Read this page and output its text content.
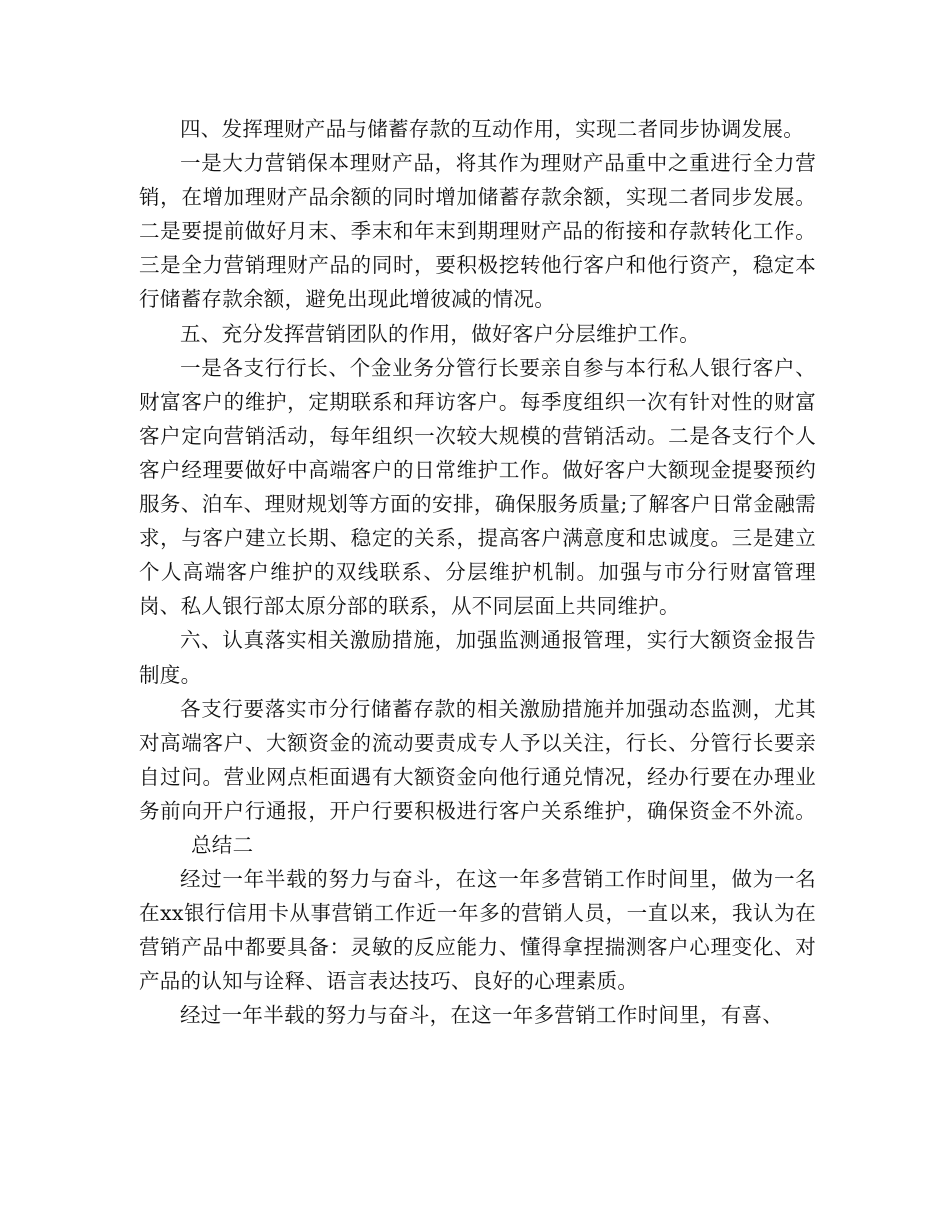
四、发挥理财产品与储蓄存款的互动作用，实现二者同步协调发展。

一是大力营销保本理财产品，将其作为理财产品重中之重进行全力营销，在增加理财产品余额的同时增加储蓄存款余额，实现二者同步发展。二是要提前做好月末、季末和年末到期理财产品的衔接和存款转化工作。三是全力营销理财产品的同时，要积极挖转他行客户和他行资产，稳定本行储蓄存款余额，避免出现此增彼减的情况。

五、充分发挥营销团队的作用，做好客户分层维护工作。

一是各支行行长、个金业务分管行长要亲自参与本行私人银行客户、财富客户的维护，定期联系和拜访客户。每季度组织一次有针对性的财富客户定向营销活动，每年组织一次较大规模的营销活动。二是各支行个人客户经理要做好中高端客户的日常维护工作。做好客户大额现金提娶预约服务、泊车、理财规划等方面的安排，确保服务质量;了解客户日常金融需求，与客户建立长期、稳定的关系，提高客户满意度和忠诚度。三是建立个人高端客户维护的双线联系、分层维护机制。加强与市分行财富管理岗、私人银行部太原分部的联系，从不同层面上共同维护。

六、认真落实相关激励措施，加强监测通报管理，实行大额资金报告制度。

各支行要落实市分行储蓄存款的相关激励措施并加强动态监测，尤其对高端客户、大额资金的流动要责成专人予以关注，行长、分管行长要亲自过问。营业网点柜面遇有大额资金向他行通兑情况，经办行要在办理业务前向开户行通报，开户行要积极进行客户关系维护，确保资金不外流。总结二

经过一年半载的努力与奋斗，在这一年多营销工作时间里，做为一名在xx银行信用卡从事营销工作近一年多的营销人员，一直以来，我认为在营销产品中都要具备：灵敏的反应能力、懂得拿捏揣测客户心理变化、对产品的认知与诠释、语言表达技巧、良好的心理素质。

经过一年半载的努力与奋斗，在这一年多营销工作时间里，有喜、
